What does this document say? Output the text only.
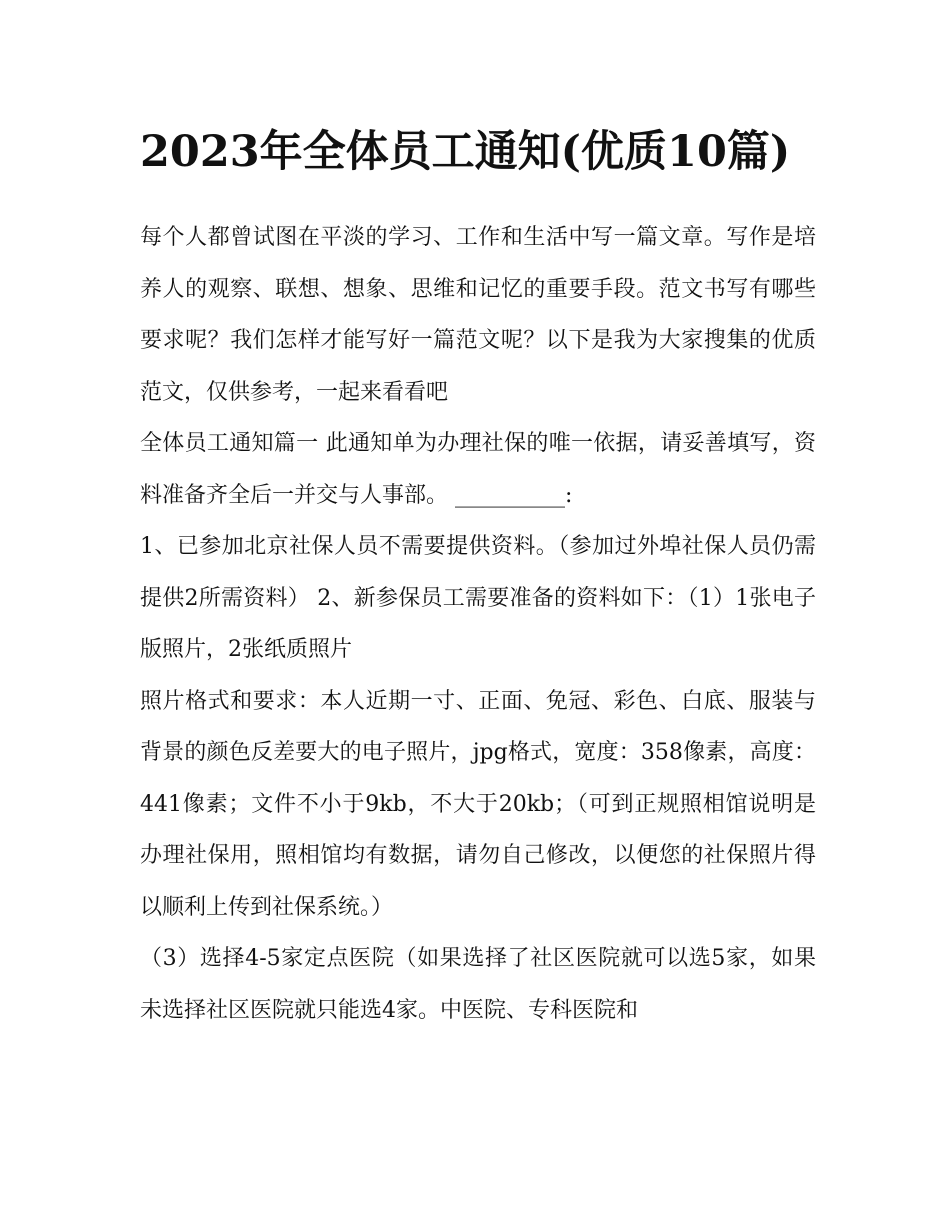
2023年全体员工通知(优质10篇)

每个人都曾试图在平淡的学习、工作和生活中写一篇文章。写作是培养人的观察、联想、想象、思维和记忆的重要手段。范文书写有哪些要求呢？我们怎样才能写好一篇范文呢？以下是我为大家搜集的优质范文，仅供参考，一起来看看吧

全体员工通知篇一 此通知单为办理社保的唯一依据，请妥善填写，资料准备齐全后一并交与人事部。 __________:

1、已参加北京社保人员不需要提供资料。（参加过外埠社保人员仍需提供2所需资料） 2、新参保员工需要准备的资料如下：（1）1张电子版照片，2张纸质照片

照片格式和要求：本人近期一寸、正面、免冠、彩色、白底、服装与背景的颜色反差要大的电子照片，jpg格式，宽度：358像素，高度：441像素；文件不小于9kb，不大于20kb；（可到正规照相馆说明是办理社保用，照相馆均有数据，请勿自己修改，以便您的社保照片得以顺利上传到社保系统。）

（3）选择4-5家定点医院（如果选择了社区医院就可以选5家，如果未选择社区医院就只能选4家。中医院、专科医院和
